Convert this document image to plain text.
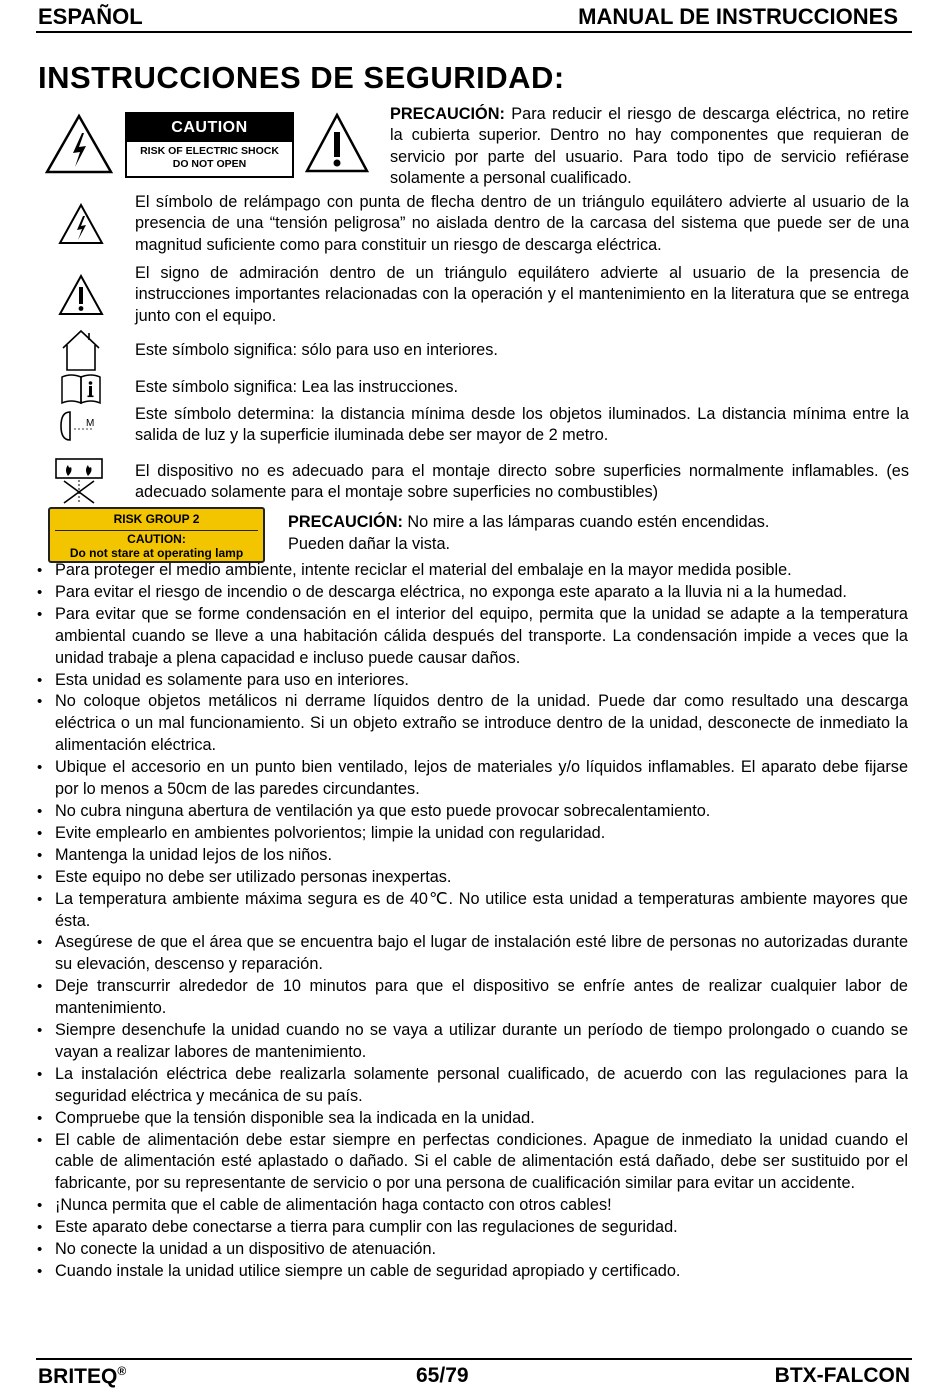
ESPAÑOL	MANUAL DE INSTRUCCIONES
INSTRUCCIONES DE SEGURIDAD:
CAUTION
RISK OF ELECTRIC SHOCK
DO NOT OPEN
PRECAUCIÓN: Para reducir el riesgo de descarga eléctrica, no retire la cubierta superior. Dentro no hay componentes que requieran de servicio por parte del usuario. Para todo tipo de servicio refiérase solamente a personal cualificado.
El símbolo de relámpago con punta de flecha dentro de un triángulo equilátero advierte al usuario de la presencia de una “tensión peligrosa” no aislada dentro de la carcasa del sistema que puede ser de una magnitud suficiente como para constituir un riesgo de descarga eléctrica.
El signo de admiración dentro de un triángulo equilátero advierte al usuario de la presencia de instrucciones importantes relacionadas con la operación y el mantenimiento en la literatura que se entrega junto con el equipo.
Este símbolo significa: sólo para uso en interiores.
Este símbolo significa: Lea las instrucciones.
M
Este símbolo determina: la distancia mínima desde los objetos iluminados. La distancia mínima entre la salida de luz y la superficie iluminada debe ser mayor de 2 metro.
El dispositivo no es adecuado para el montaje directo sobre superficies normalmente inflamables. (es adecuado solamente para el montaje sobre superficies no combustibles)
RISK GROUP 2
CAUTION:
Do not stare at operating lamp
PRECAUCIÓN: No mire a las lámparas cuando estén encendidas.
Pueden dañar la vista.
• Para proteger el medio ambiente, intente reciclar el material del embalaje en la mayor medida posible.
• Para evitar el riesgo de incendio o de descarga eléctrica, no exponga este aparato a la lluvia ni a la humedad.
• Para evitar que se forme condensación en el interior del equipo, permita que la unidad se adapte a la temperatura ambiental cuando se lleve a una habitación cálida después del transporte. La condensación impide a veces que la unidad trabaje a plena capacidad e incluso puede causar daños.
• Esta unidad es solamente para uso en interiores.
• No coloque objetos metálicos ni derrame líquidos dentro de la unidad. Puede dar como resultado una descarga eléctrica o un mal funcionamiento. Si un objeto extraño se introduce dentro de la unidad, desconecte de inmediato la alimentación eléctrica.
• Ubique el accesorio en un punto bien ventilado, lejos de materiales y/o líquidos inflamables. El aparato debe fijarse por lo menos a 50cm de las paredes circundantes.
• No cubra ninguna abertura de ventilación ya que esto puede provocar sobrecalentamiento.
• Evite emplearlo en ambientes polvorientos; limpie la unidad con regularidad.
• Mantenga la unidad lejos de los niños.
• Este equipo no debe ser utilizado personas inexpertas.
• La temperatura ambiente máxima segura es de 40℃. No utilice esta unidad a temperaturas ambiente mayores que ésta.
• Asegúrese de que el área que se encuentra bajo el lugar de instalación esté libre de personas no autorizadas durante su elevación, descenso y reparación.
• Deje transcurrir alrededor de 10 minutos para que el dispositivo se enfríe antes de realizar cualquier labor de mantenimiento.
• Siempre desenchufe la unidad cuando no se vaya a utilizar durante un período de tiempo prolongado o cuando se vayan a realizar labores de mantenimiento.
• La instalación eléctrica debe realizarla solamente personal cualificado, de acuerdo con las regulaciones para la seguridad eléctrica y mecánica de su país.
• Compruebe que la tensión disponible sea la indicada en la unidad.
• El cable de alimentación debe estar siempre en perfectas condiciones. Apague de inmediato la unidad cuando el cable de alimentación esté aplastado o dañado. Si el cable de alimentación está dañado, debe ser sustituido por el fabricante, por su representante de servicio o por una persona de cualificación similar para evitar un accidente.
• ¡Nunca permita que el cable de alimentación haga contacto con otros cables!
• Este aparato debe conectarse a tierra para cumplir con las regulaciones de seguridad.
• No conecte la unidad a un dispositivo de atenuación.
• Cuando instale la unidad utilice siempre un cable de seguridad apropiado y certificado.
BRITEQ®	65/79	BTX-FALCON
